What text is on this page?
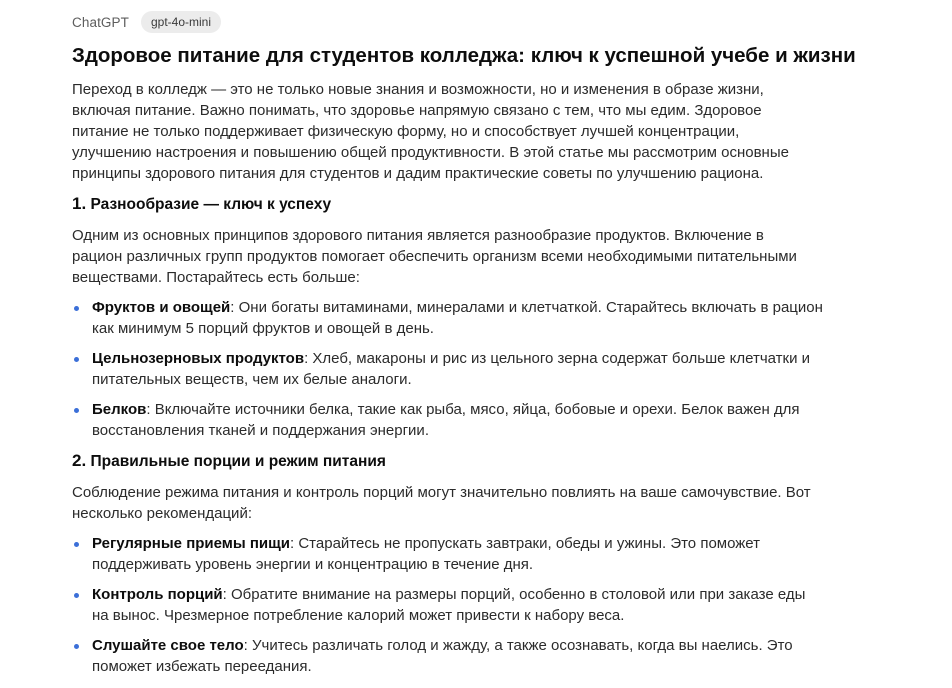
ChatGPT	gpt-4o-mini
Здоровое питание для студентов колледжа: ключ к успешной учебе и жизни

Переход в колледж — это не только новые знания и возможности, но и изменения в образе жизни,
включая питание. Важно понимать, что здоровье напрямую связано с тем, что мы едим. Здоровое
питание не только поддерживает физическую форму, но и способствует лучшей концентрации,
улучшению настроения и повышению общей продуктивности. В этой статье мы рассмотрим основные
принципы здорового питания для студентов и дадим практические советы по улучшению рациона.

1. Разнообразие — ключ к успеху

Одним из основных принципов здорового питания является разнообразие продуктов. Включение в
рацион различных групп продуктов помогает обеспечить организм всеми необходимыми питательными
веществами. Постарайтесь есть больше:

Фруктов и овощей: Они богаты витаминами, минералами и клетчаткой. Старайтесь включать в рацион
как минимум 5 порций фруктов и овощей в день.
Цельнозерновых продуктов: Хлеб, макароны и рис из цельного зерна содержат больше клетчатки и
питательных веществ, чем их белые аналоги.
Белков: Включайте источники белка, такие как рыба, мясо, яйца, бобовые и орехи. Белок важен для
восстановления тканей и поддержания энергии.
2. Правильные порции и режим питания

Соблюдение режима питания и контроль порций могут значительно повлиять на ваше самочувствие. Вот
несколько рекомендаций:

Регулярные приемы пищи: Старайтесь не пропускать завтраки, обеды и ужины. Это поможет
поддерживать уровень энергии и концентрацию в течение дня.
Контроль порций: Обратите внимание на размеры порций, особенно в столовой или при заказе еды
на вынос. Чрезмерное потребление калорий может привести к набору веса.
Слушайте свое тело: Учитесь различать голод и жажду, а также осознавать, когда вы наелись. Это
поможет избежать переедания.
